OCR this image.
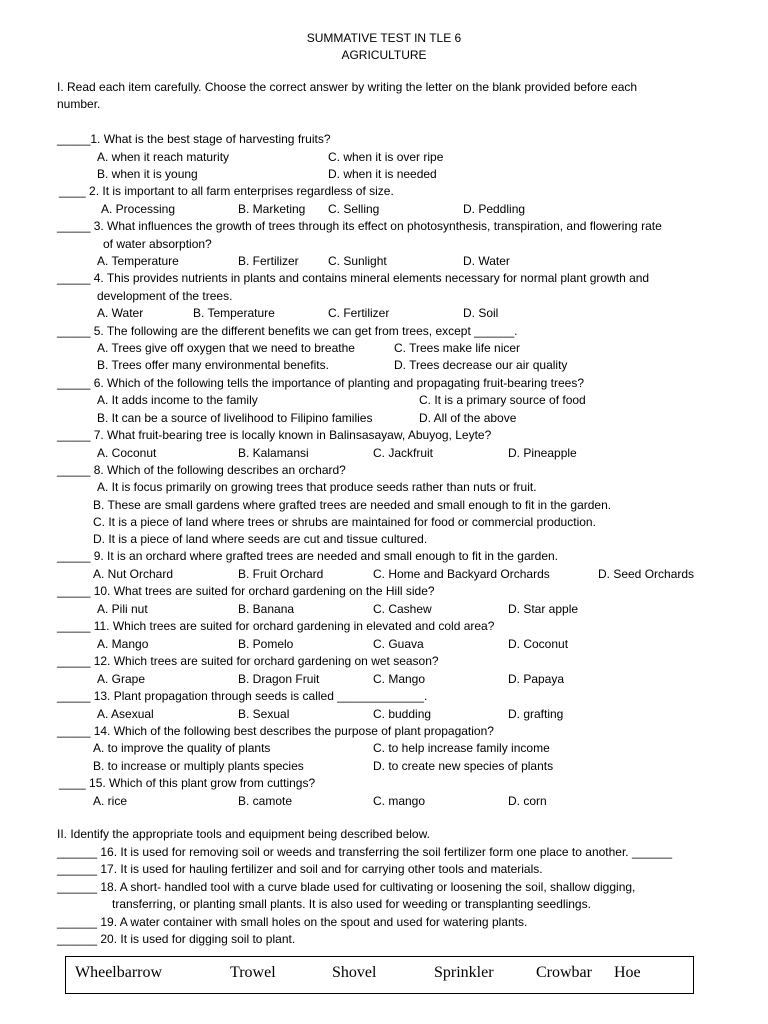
SUMMATIVE TEST IN TLE 6
AGRICULTURE
I. Read each item carefully. Choose the correct answer by writing the letter on the blank provided before each
number.
_____1. What is the best stage of harvesting fruits?
A. when it reach maturity	C. when it is over ripe
B. when it is young	D. when it is needed
____ 2. It is important to all farm enterprises regardless of size.
A. Processing	B. Marketing C. Selling	D. Peddling
_____ 3. What influences the growth of trees through its effect on photosynthesis, transpiration, and flowering rate
of water absorption?
A. Temperature	B. Fertilizer C. Sunlight	D. Water
_____ 4. This provides nutrients in plants and contains mineral elements necessary for normal plant growth and
development of the trees.
A. Water	B. Temperature	C. Fertilizer	D. Soil
_____ 5. The following are the different benefits we can get from trees, except ______.
A. Trees give off oxygen that we need to breathe	C. Trees make life nicer
B. Trees offer many environmental benefits.	D. Trees decrease our air quality
_____ 6. Which of the following tells the importance of planting and propagating fruit-bearing trees?
A. It adds income to the family	C. It is a primary source of food
B. It can be a source of livelihood to Filipino families	D. All of the above
_____ 7. What fruit-bearing tree is locally known in Balinsasayaw, Abuyog, Leyte?
A. Coconut	B. Kalamansi	C. Jackfruit	D. Pineapple
_____ 8. Which of the following describes an orchard?
A. It is focus primarily on growing trees that produce seeds rather than nuts or fruit.
B. These are small gardens where grafted trees are needed and small enough to fit in the garden.
C. It is a piece of land where trees or shrubs are maintained for food or commercial production.
D. It is a piece of land where seeds are cut and tissue cultured.
_____ 9. It is an orchard where grafted trees are needed and small enough to fit in the garden.
A. Nut Orchard	B. Fruit Orchard	C. Home and Backyard Orchards	D. Seed Orchards
_____ 10. What trees are suited for orchard gardening on the Hill side?
A. Pili nut	B. Banana	C. Cashew	D. Star apple
_____ 11. Which trees are suited for orchard gardening in elevated and cold area?
A. Mango	B. Pomelo	C. Guava	D. Coconut
_____ 12. Which trees are suited for orchard gardening on wet season?
A. Grape	B. Dragon Fruit	C. Mango	D. Papaya
_____ 13. Plant propagation through seeds is called _____________.
A. Asexual	B. Sexual	C. budding	D. grafting
_____ 14. Which of the following best describes the purpose of plant propagation?
A. to improve the quality of plants	C. to help increase family income
B. to increase or multiply plants species	D. to create new species of plants
____ 15. Which of this plant grow from cuttings?
A. rice	B. camote	C. mango	D. corn
II. Identify the appropriate tools and equipment being described below.
______ 16. It is used for removing soil or weeds and transferring the soil fertilizer form one place to another. ______
______ 17. It is used for hauling fertilizer and soil and for carrying other tools and materials.
______ 18. A short- handled tool with a curve blade used for cultivating or loosening the soil, shallow digging,
transferring, or planting small plants. It is also used for weeding or transplanting seedlings.
______ 19. A water container with small holes on the spout and used for watering plants.
______ 20. It is used for digging soil to plant.
Wheelbarrow	Trowel	Shovel	Sprinkler	Crowbar Hoe
